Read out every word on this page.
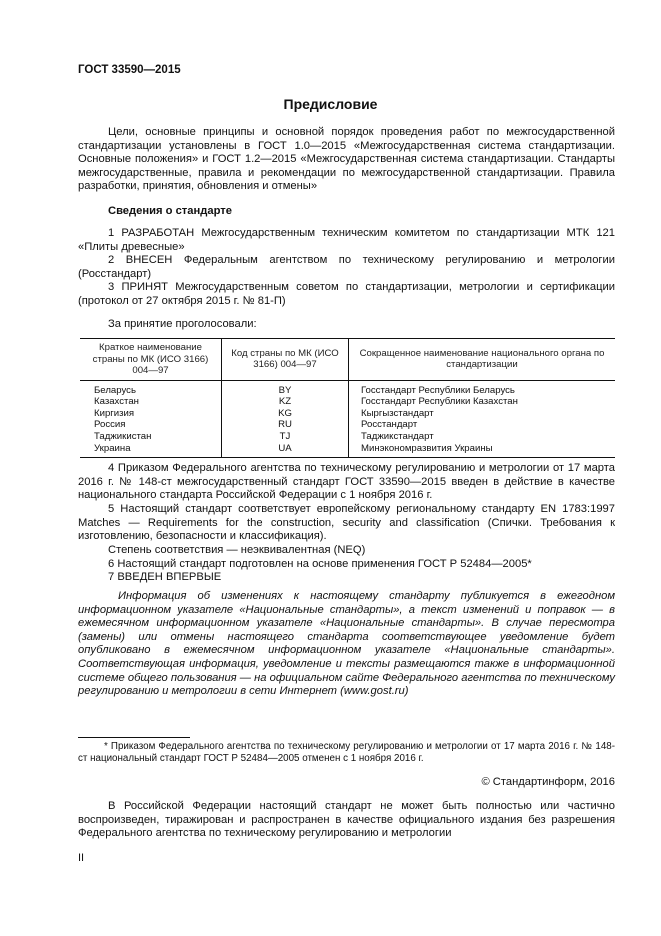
ГОСТ 33590—2015
Предисловие

Цели, основные принципы и основной порядок проведения работ по межгосударственной стандартизации установлены в ГОСТ 1.0—2015 «Межгосударственная система стандартизации. Основные положения» и ГОСТ 1.2—2015 «Межгосударственная система стандартизации. Стандарты межгосударственные, правила и рекомендации по межгосударственной стандартизации. Правила разработки, принятия, обновления и отмены»

Сведения о стандарте

1 РАЗРАБОТАН Межгосударственным техническим комитетом по стандартизации МТК 121 «Плиты древесные»

2 ВНЕСЕН Федеральным агентством по техническому регулированию и метрологии (Росстандарт)

3 ПРИНЯТ Межгосударственным советом по стандартизации, метрологии и сертификации (протокол от 27 октября 2015 г. № 81-П)

За принятие проголосовали:
Краткое наименование страны по МК (ИСО 3166) 004—97	Код страны по МК (ИСО 3166) 004—97	Сокращенное наименование национального органа по стандартизации
Беларусь	BY	Госстандарт Республики Беларусь
Казахстан	KZ	Госстандарт Республики Казахстан
Киргизия	KG	Кыргызстандарт
Россия	RU	Росстандарт
Таджикистан	TJ	Таджикстандарт
Украина	UA	Минэкономразвития Украины

4 Приказом Федерального агентства по техническому регулированию и метрологии от 17 марта 2016 г. № 148-ст межгосударственный стандарт ГОСТ 33590—2015 введен в действие в качестве национального стандарта Российской Федерации с 1 ноября 2016 г.

5 Настоящий стандарт соответствует европейскому региональному стандарту EN 1783:1997 Matches — Requirements for the construction, security and classification (Спички. Требования к изготовлению, безопасности и классификация).

Степень соответствия — неэквивалентная (NEQ)

6 Настоящий стандарт подготовлен на основе применения ГОСТ Р 52484—2005*

7 ВВЕДЕН ВПЕРВЫЕ

Информация об изменениях к настоящему стандарту публикуется в ежегодном информационном указателе «Национальные стандарты», а текст изменений и поправок — в ежемесячном информационном указателе «Национальные стандарты». В случае пересмотра (замены) или отмены настоящего стандарта соответствующее уведомление будет опубликовано в ежемесячном информационном указателе «Национальные стандарты». Соответствующая информация, уведомление и тексты размещаются также в информационной системе общего пользования — на официальном сайте Федерального агентства по техническому регулированию и метрологии в сети Интернет (www.gost.ru)

* Приказом Федерального агентства по техническому регулированию и метрологии от 17 марта 2016 г. № 148-ст национальный стандарт ГОСТ Р 52484—2005 отменен с 1 ноября 2016 г.

© Стандартинформ, 2016

В Российской Федерации настоящий стандарт не может быть полностью или частично воспроизведен, тиражирован и распространен в качестве официального издания без разрешения Федерального агентства по техническому регулированию и метрологии

II
